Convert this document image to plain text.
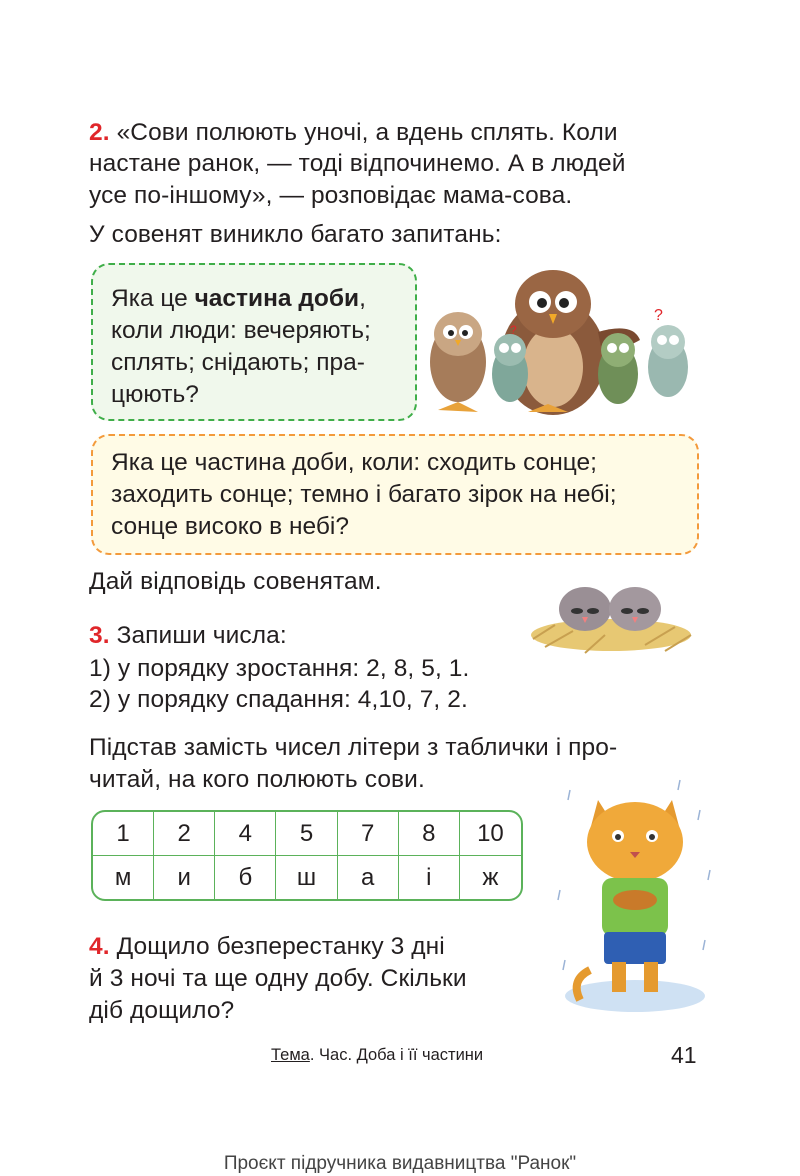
2. «Сови полюють уночі, а вдень сплять. Коли
настане ранок, — тоді відпочинемо. А в людей
усе по-іншому», — розповідає мама-сова.
У совенят виникло багато запитань:
Яка це частина доби,
коли люди: вечеряють;
сплять; снідають; пра-
цюють?
?
?
Яка це частина доби, коли: сходить сонце;
заходить сонце; темно і багато зірок на небі;
сонце високо в небі?
Дай відповідь совенятам.
3. Запиши числа:
1) у порядку зростання: 2, 8, 5, 1.
2) у порядку спадання: 4,10, 7, 2.
Підстав замість чисел літери з таблички і про-
читай, на кого полюють сови.
1	2	4	5	7	8	10
м	и	б	ш	а	і	ж
4. Дощило безперестанку 3 дні
й 3 ночі та ще одну добу. Скільки
діб дощило?
Тема. Час. Доба і її частини	41
Проєкт підручника видавництва "Ранок"
